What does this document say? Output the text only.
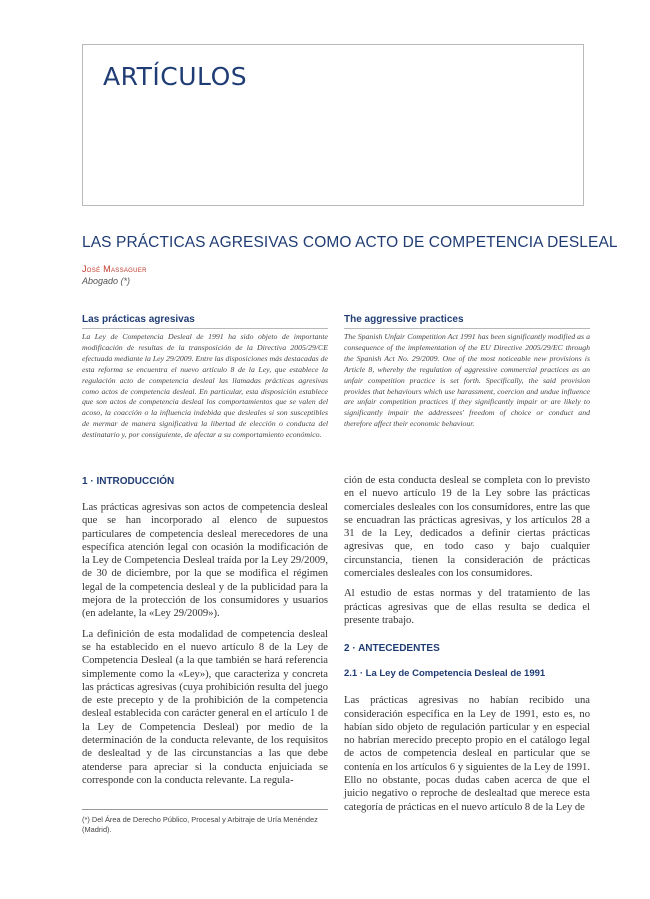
ARTÍCULOS
LAS PRÁCTICAS AGRESIVAS COMO ACTO DE COMPETENCIA DESLEAL
José Massaguer
Abogado (*)
Las prácticas agresivas

La Ley de Competencia Desleal de 1991 ha sido objeto de importante modificación de resultas de la transposición de la Directiva 2005/29/CE efectuada mediante la Ley 29/2009. Entre las disposiciones más destacadas de esta reforma se encuentra el nuevo artículo 8 de la Ley, que establece la regulación acto de competencia desleal las llamadas prácticas agresivas como actos de competencia desleal. En particular, esta disposición establece que son actos de competencia desleal los comportamientos que se valen del acoso, la coacción o la influencia indebida que desleales si son susceptibles de mermar de manera significativa la libertad de elección o conducta del destinatario y, por consiguiente, de afectar a su comportamiento económico.

The aggressive practices

The Spanish Unfair Competition Act 1991 has been significantly modified as a consequence of the implementation of the EU Directive 2005/29/EC through the Spanish Act No. 29/2009. One of the most noticeable new provisions is Article 8, whereby the regulation of aggressive commercial practices as an unfair competition practice is set forth. Specifically, the said provision provides that behaviours which use harassment, coercion and undue influence are unfair competition practices if they significantly impair or are likely to significantly impair the addressees' freedom of choice or conduct and therefore affect their economic behaviour.

1 · INTRODUCCIÓN

Las prácticas agresivas son actos de competencia desleal que se han incorporado al elenco de supuestos particulares de competencia desleal merecedores de una específica atención legal con ocasión la modificación de la Ley de Competencia Desleal traída por la Ley 29/2009, de 30 de diciembre, por la que se modifica el régimen legal de la competencia desleal y de la publicidad para la mejora de la protección de los consumidores y usuarios (en adelante, la «Ley 29/2009»).

La definición de esta modalidad de competencia desleal se ha establecido en el nuevo artículo 8 de la Ley de Competencia Desleal (a la que también se hará referencia simplemente como la «Ley»), que caracteriza y concreta las prácticas agresivas (cuya prohibición resulta del juego de este precepto y de la prohibición de la competencia desleal establecida con carácter general en el artículo 1 de la Ley de Competencia Desleal) por medio de la determinación de la conducta relevante, de los requisitos de deslealtad y de las circunstancias a las que debe atenderse para apreciar si la conducta enjuiciada se corresponde con la conducta relevante. La regula-

ción de esta conducta desleal se completa con lo previsto en el nuevo artículo 19 de la Ley sobre las prácticas comerciales desleales con los consumidores, entre las que se encuadran las prácticas agresivas, y los artículos 28 a 31 de la Ley, dedicados a definir ciertas prácticas agresivas que, en todo caso y bajo cualquier circunstancia, tienen la consideración de prácticas comerciales desleales con los consumidores.

Al estudio de estas normas y del tratamiento de las prácticas agresivas que de ellas resulta se dedica el presente trabajo.

2 · ANTECEDENTES
2.1 · La Ley de Competencia Desleal de 1991

Las prácticas agresivas no habían recibido una consideración específica en la Ley de 1991, esto es, no habían sido objeto de regulación particular y en especial no habrían merecido precepto propio en el catálogo legal de actos de competencia desleal en particular que se contenía en los artículos 6 y siguientes de la Ley de 1991. Ello no obstante, pocas dudas caben acerca de que el juicio negativo o reproche de deslealtad que merece esta categoría de prácticas en el nuevo artículo 8 de la Ley de

(*) Del Área de Derecho Público, Procesal y Arbitraje de Uría Menéndez (Madrid).
